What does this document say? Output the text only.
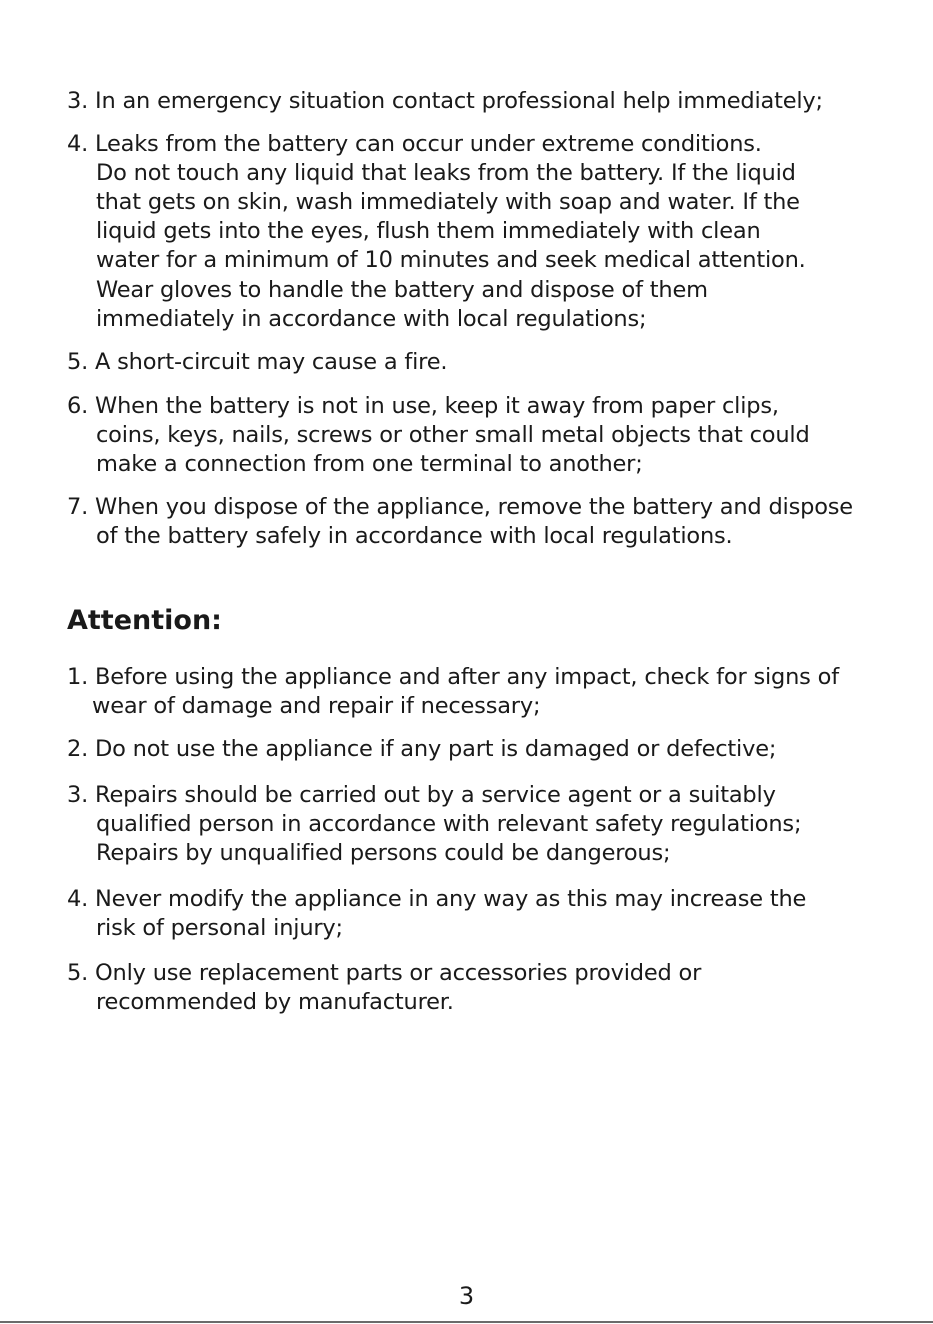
3. In an emergency situation contact professional help immediately;
4. Leaks from the battery can occur under extreme conditions.
Do not touch any liquid that leaks from the battery. If the liquid
that gets on skin, wash immediately with soap and water. If the
liquid gets into the eyes, flush them immediately with clean
water for a minimum of 10 minutes and seek medical attention.
Wear gloves to handle the battery and dispose of them
immediately in accordance with local regulations;
5. A short-circuit may cause a fire.
6. When the battery is not in use, keep it away from paper clips,
coins, keys, nails, screws or other small metal objects that could
make a connection from one terminal to another;
7. When you dispose of the appliance, remove the battery and dispose
of the battery safely in accordance with local regulations.
Attention:
1. Before using the appliance and after any impact, check for signs of
wear of damage and repair if necessary;
2. Do not use the appliance if any part is damaged or defective;
3. Repairs should be carried out by a service agent or a suitably
qualified person in accordance with relevant safety regulations;
Repairs by unqualified persons could be dangerous;
4. Never modify the appliance in any way as this may increase the
risk of personal injury;
5. Only use replacement parts or accessories provided or
recommended by manufacturer.
3
